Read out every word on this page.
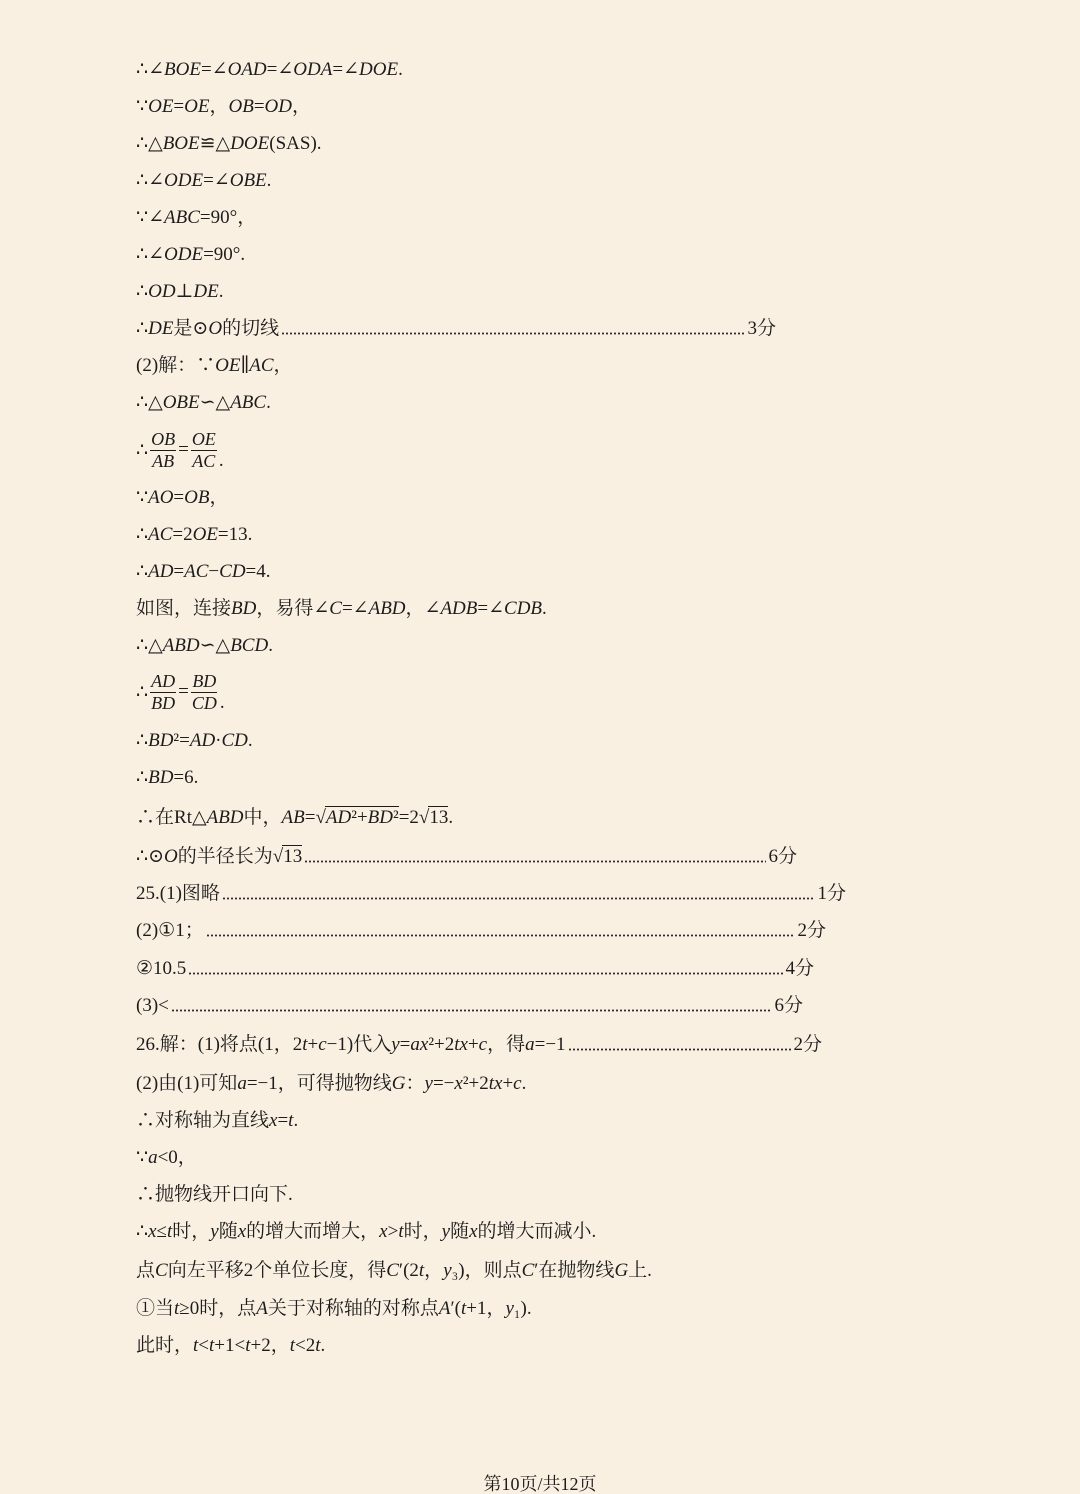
∴∠BOE=∠OAD=∠ODA=∠DOE.
∵OE=OE，OB=OD，
∴△BOE≌△DOE(SAS).
∴∠ODE=∠OBE.
∵∠ABC=90°，
∴∠ODE=90°.
∴OD⊥DE.
∴DE是⊙O的切线	3分
(2)解：∵OE∥AC，
∴△OBE∽△ABC.
∴ $\frac{OB}{AB} = \frac{OE}{AC}$ .
∵AO=OB，
∴AC=2OE=13.
∴AD=AC−CD=4.
如图，连接BD，易得∠C=∠ABD，∠ADB=∠CDB.
∴△ABD∽△BCD.
∴ $\frac{AD}{BD} = \frac{BD}{CD}$ .
∴BD²=AD·CD.
∴BD=6.
∴在Rt△ABD中，AB=√AD²+BD²=2√13.
∴⊙O的半径长为√13	6分
25.(1)图略	1分
(2)①1；	2分
②10.5	4分
(3)<	6分
26.解：(1)将点(1，2t+c−1)代入y=ax²+2tx+c，得a=−1	2分
(2)由(1)可知a=−1，可得抛物线G：y=−x²+2tx+c.
∴对称轴为直线x=t.
∵a<0，
∴抛物线开口向下.
∴x≤t时，y随x的增大而增大，x>t时，y随x的增大而减小.
点C向左平移2个单位长度，得C′(2t，y₃)，则点C′在抛物线G上.
①当t≥0时，点A关于对称轴的对称点A′(t+1，y₁).
此时，t<t+1<t+2，t<2t.
第10页/共12页
